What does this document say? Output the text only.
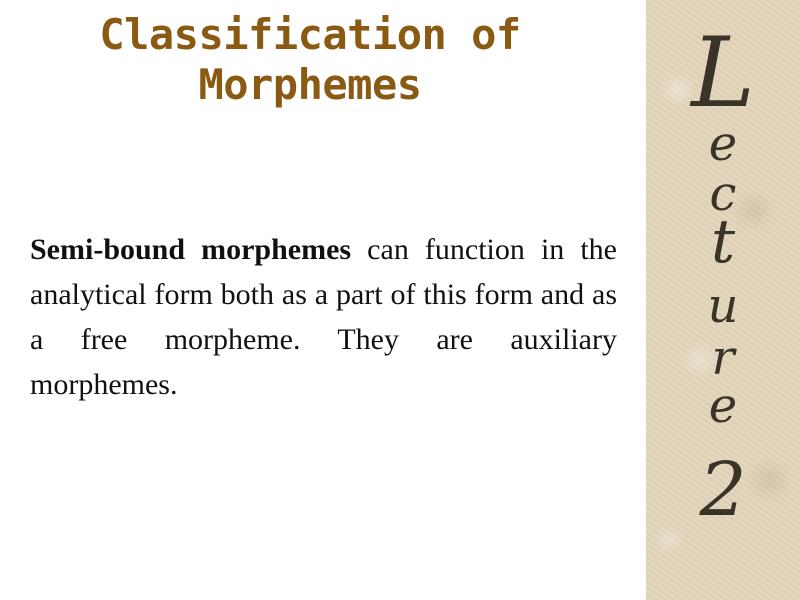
Classification of
Morphemes

Semi-bound morphemes can function in the analytical form both as a part of this form and as a free morpheme. They are auxiliary morphemes.

L
e
c
t
u
r
e
2
